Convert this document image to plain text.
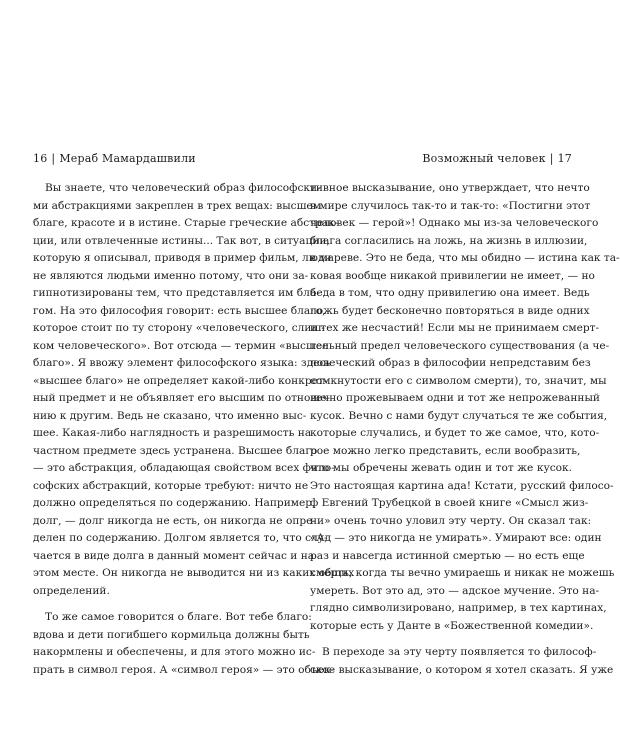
16 | Мераб Мамардашвили
Вы знаете, что человеческий образ философски-
ми абстракциями закреплен в трех вещах: высшем
благе, красоте и в истине. Старые греческие абстрак-
ции, или отвлеченные истины... Так вот, в ситуации,
которую я описывал, приводя в пример фильм, люди
не являются людьми именно потому, что они за-
гипнотизированы тем, что представляется им бла-
гом. На это философия говорит: есть высшее благо,
которое стоит по ту сторону «человеческого, слиш-
ком человеческого». Вот отсюда — термин «высшее
благо». Я ввожу элемент философского языка: здесь
«высшее благо» не определяет какой-либо конкрет-
ный предмет и не объявляет его высшим по отноше-
нию к другим. Ведь не сказано, что именно выс-
шее. Какая-либо наглядность и разрешимость на
частном предмете здесь устранена. Высшее благо
— это абстракция, обладающая свойством всех фило-
софских абстракций, которые требуют: ничто не
должно определяться по содержанию. Например,
долг, — долг никогда не есть, он никогда не опре-
делен по содержанию. Долгом является то, что слу-
чается в виде долга в данный момент сейчас и на
этом месте. Он никогда не выводится ни из каких общих
определений.
То же самое говорится о благе. Вот тебе благо:
вдова и дети погибшего кормильца должны быть
накормлены и обеспечены, и для этого можно ис-
прать в символ героя. А «символ героя» — это объек-
Возможный человек | 17
тивное высказывание, оно утверждает, что нечто
в мире случилось так-то и так-то: «Постигни этот
человек — герой»! Однако мы из-за человеческого
блага согласились на ложь, на жизнь в иллюзии,
в мареве. Это не беда, что мы обидно — истина как та-
ковая вообще никакой привилегии не имеет, — но
беда в том, что одну привилегию она имеет. Ведь
ложь будет бесконечно повторяться в виде одних
и тех же несчастий! Если мы не принимаем смерт-
тельный предел человеческого существования (а че-
ловеческий образ в философии непредставим без
сомкнутости его с символом смерти), то, значит, мы
вечно прожевываем одни и тот же непрожеванный
кусок. Вечно с нами будут случаться те же события,
которые случались, и будет то же самое, что, кото-
рое можно легко представить, если вообразить,
что мы обречены жевать один и тот же кусок.
Это настоящая картина ада! Кстати, русский филосо-
ф Евгений Трубецкой в своей книге «Смысл жиз-
ни» очень точно уловил эту черту. Он сказал так:
«Ад — это никогда не умирать». Умирают все: один
раз и навсегда истинной смертью — но есть еще
смерть, когда ты вечно умираешь и никак не можешь
умереть. Вот это ад, это — адское мучение. Это на-
глядно символизировано, например, в тех картинах,
которые есть у Данте в «Божественной комедии».
В переходе за эту черту появляется то философ-
ское высказывание, о котором я хотел сказать. Я уже
